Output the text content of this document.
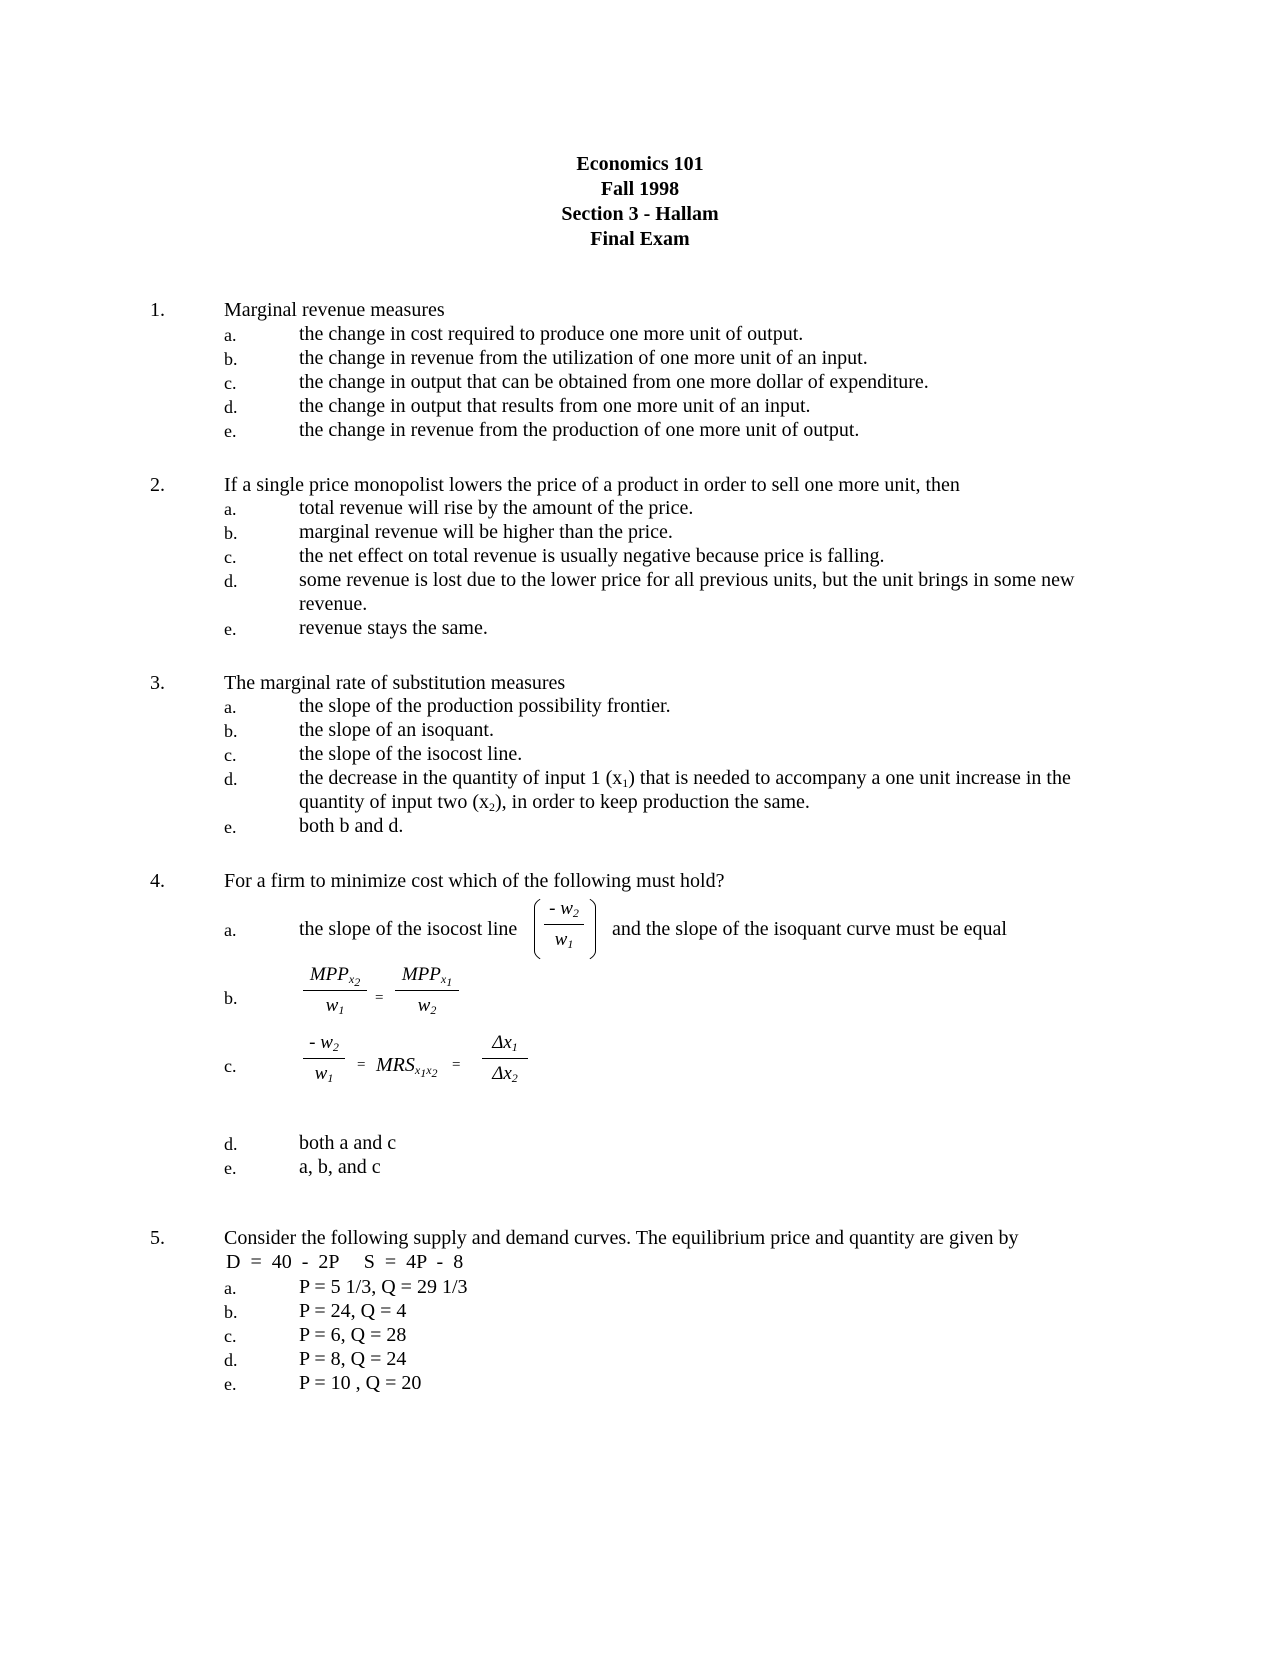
Economics 101
Fall 1998
Section 3 - Hallam
Final Exam
1.	Marginal revenue measures
a.	the change in cost required to produce one more unit of output.
b.	the change in revenue from the utilization of one more unit of an input.
c.	the change in output that can be obtained from one more dollar of expenditure.
d.	the change in output that results from one more unit of an input.
e.	the change in revenue from the production of one more unit of output.
2.	If a single price monopolist lowers the price of a product in order to sell one more unit, then
a.	total revenue will rise by the amount of the price.
b.	marginal revenue will be higher than the price.
c.	the net effect on total revenue is usually negative because price is falling.
d.	some revenue is lost due to the lower price for all previous units, but the unit brings in some new
revenue.
e.	revenue stays the same.
3.	The marginal rate of substitution measures
a.	the slope of the production possibility frontier.
b.	the slope of an isoquant.
c.	the slope of the isocost line.
d.	the decrease in the quantity of input 1 $(x_1)$ that is needed to accompany a one unit increase in the
quantity of input two $(x_2)$, in order to keep production the same.
e.	both b and d.
4.	For a firm to minimize cost which of the following must hold?
a.	the slope of the isocost line
- $w_2$
$w_1$
and the slope of the isoquant curve must be equal
b.
$MPP_{x_2}$
$w_1$
=
$MPP_{x_1}$
$w_2$
c.
- $w_2$
$w_1$
= $MRS_{x_1x_2}$ =
$\Delta x_1$
$\Delta x_2$
d.	both a and c
e.	a, b, and c
5.	Consider the following supply and demand curves. The equilibrium price and quantity are given by
D  =  40  -  2P     S  =  4P  -  8
a.	P = 5 1/3, Q = 29 1/3
b.	P = 24, Q = 4
c.	P = 6, Q = 28
d.	P = 8, Q = 24
e.	P = 10 , Q = 20
